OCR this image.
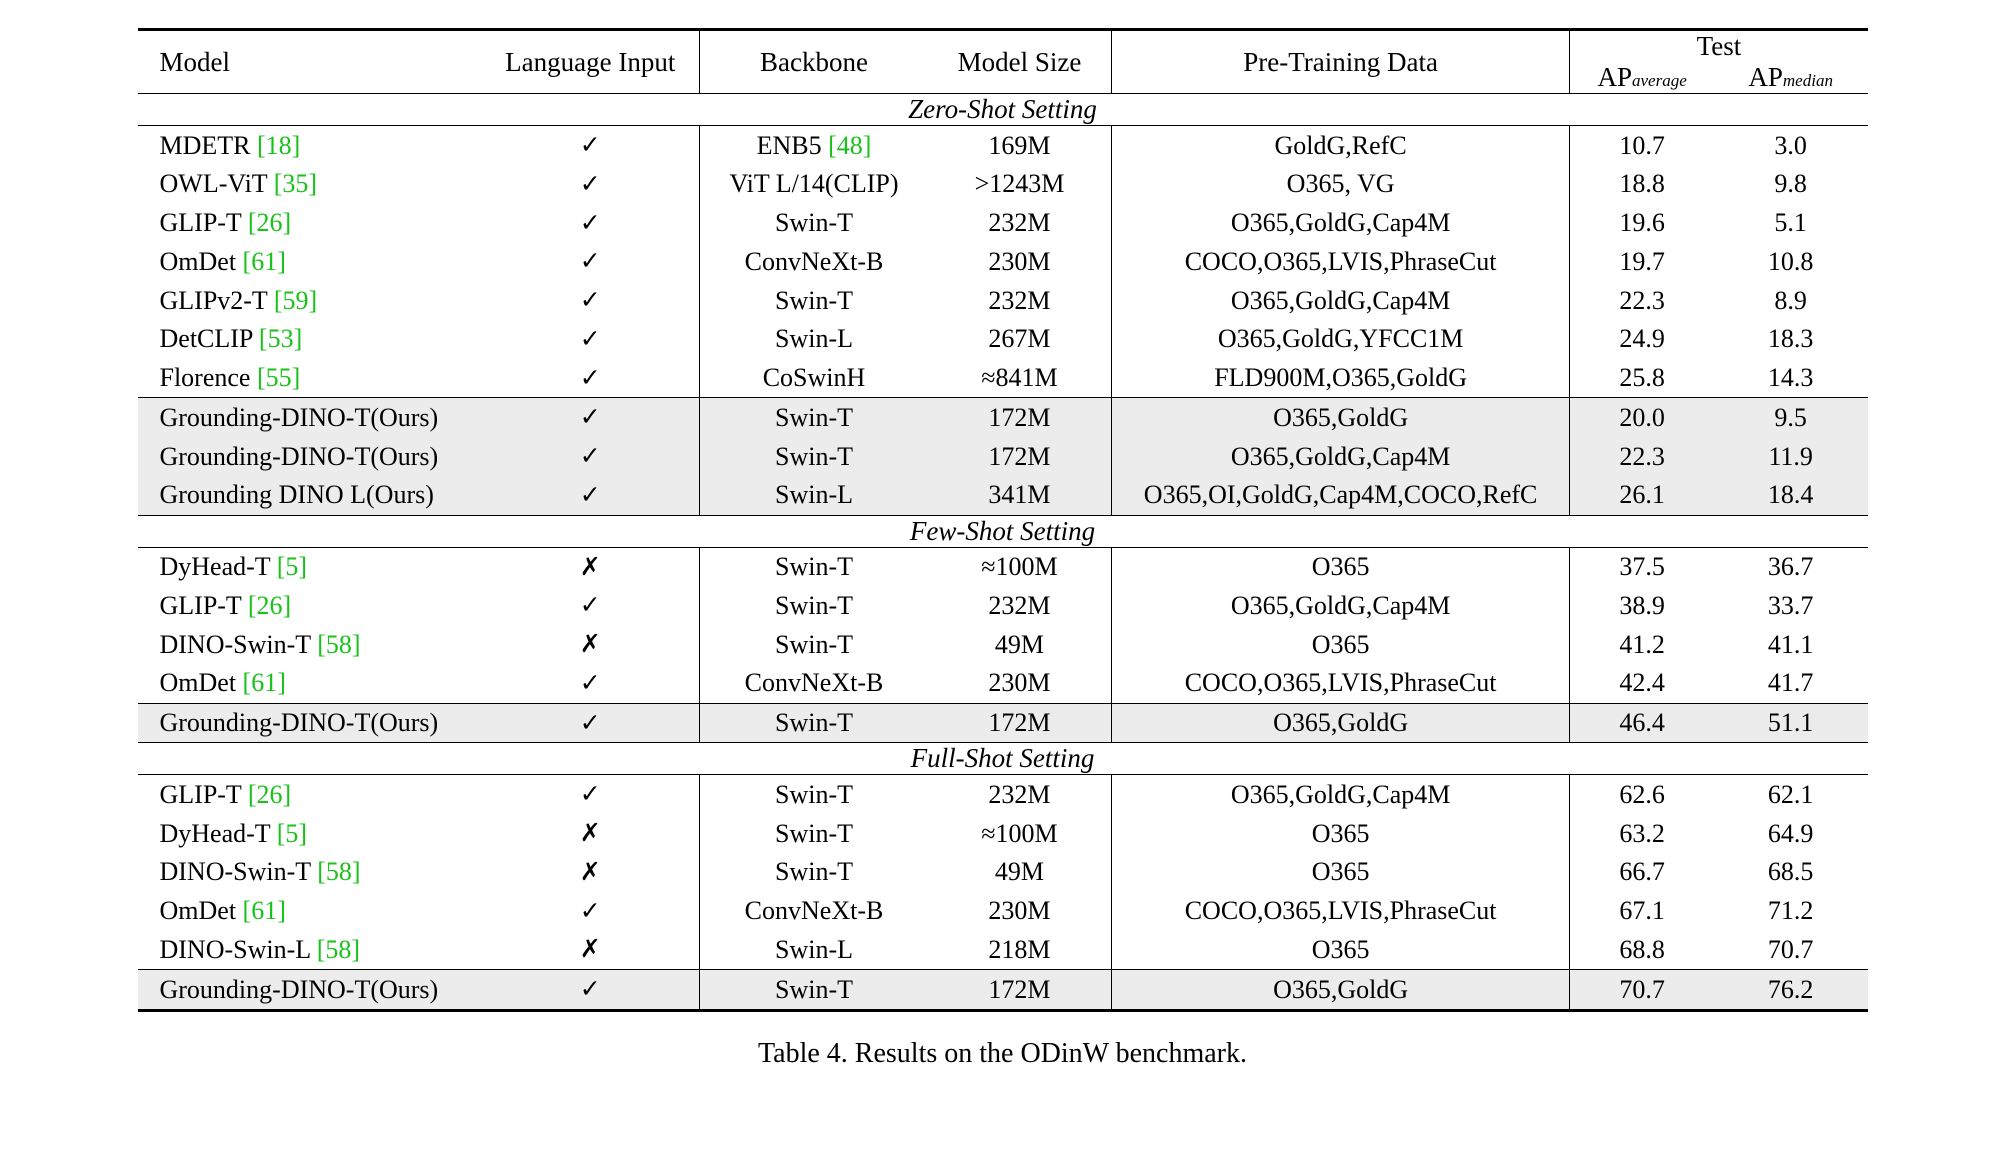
Model	Language Input	Backbone	Model Size	Pre-Training Data	Test	
					APaverage	APmedian
Zero-Shot Setting						
MDETR [18]	✓	ENB5 [48]	169M	GoldG,RefC	10.7	3.0
OWL-ViT [35]	✓	ViT L/14(CLIP)	>1243M	O365, VG	18.8	9.8
GLIP-T [26]	✓	Swin-T	232M	O365,GoldG,Cap4M	19.6	5.1
OmDet [61]	✓	ConvNeXt-B	230M	COCO,O365,LVIS,PhraseCut	19.7	10.8
GLIPv2-T [59]	✓	Swin-T	232M	O365,GoldG,Cap4M	22.3	8.9
DetCLIP [53]	✓	Swin-L	267M	O365,GoldG,YFCC1M	24.9	18.3
Florence [55]	✓	CoSwinH	≈841M	FLD900M,O365,GoldG	25.8	14.3
Grounding-DINO-T(Ours)	✓	Swin-T	172M	O365,GoldG	20.0	9.5
Grounding-DINO-T(Ours)	✓	Swin-T	172M	O365,GoldG,Cap4M	22.3	11.9
Grounding DINO L(Ours)	✓	Swin-L	341M	O365,OI,GoldG,Cap4M,COCO,RefC	26.1	18.4
Few-Shot Setting						
DyHead-T [5]	✗	Swin-T	≈100M	O365	37.5	36.7
GLIP-T [26]	✓	Swin-T	232M	O365,GoldG,Cap4M	38.9	33.7
DINO-Swin-T [58]	✗	Swin-T	49M	O365	41.2	41.1
OmDet [61]	✓	ConvNeXt-B	230M	COCO,O365,LVIS,PhraseCut	42.4	41.7
Grounding-DINO-T(Ours)	✓	Swin-T	172M	O365,GoldG	46.4	51.1
Full-Shot Setting						
GLIP-T [26]	✓	Swin-T	232M	O365,GoldG,Cap4M	62.6	62.1
DyHead-T [5]	✗	Swin-T	≈100M	O365	63.2	64.9
DINO-Swin-T [58]	✗	Swin-T	49M	O365	66.7	68.5
OmDet [61]	✓	ConvNeXt-B	230M	COCO,O365,LVIS,PhraseCut	67.1	71.2
DINO-Swin-L [58]	✗	Swin-L	218M	O365	68.8	70.7
Grounding-DINO-T(Ours)	✓	Swin-T	172M	O365,GoldG	70.7	76.2
Table 4. Results on the ODinW benchmark.
